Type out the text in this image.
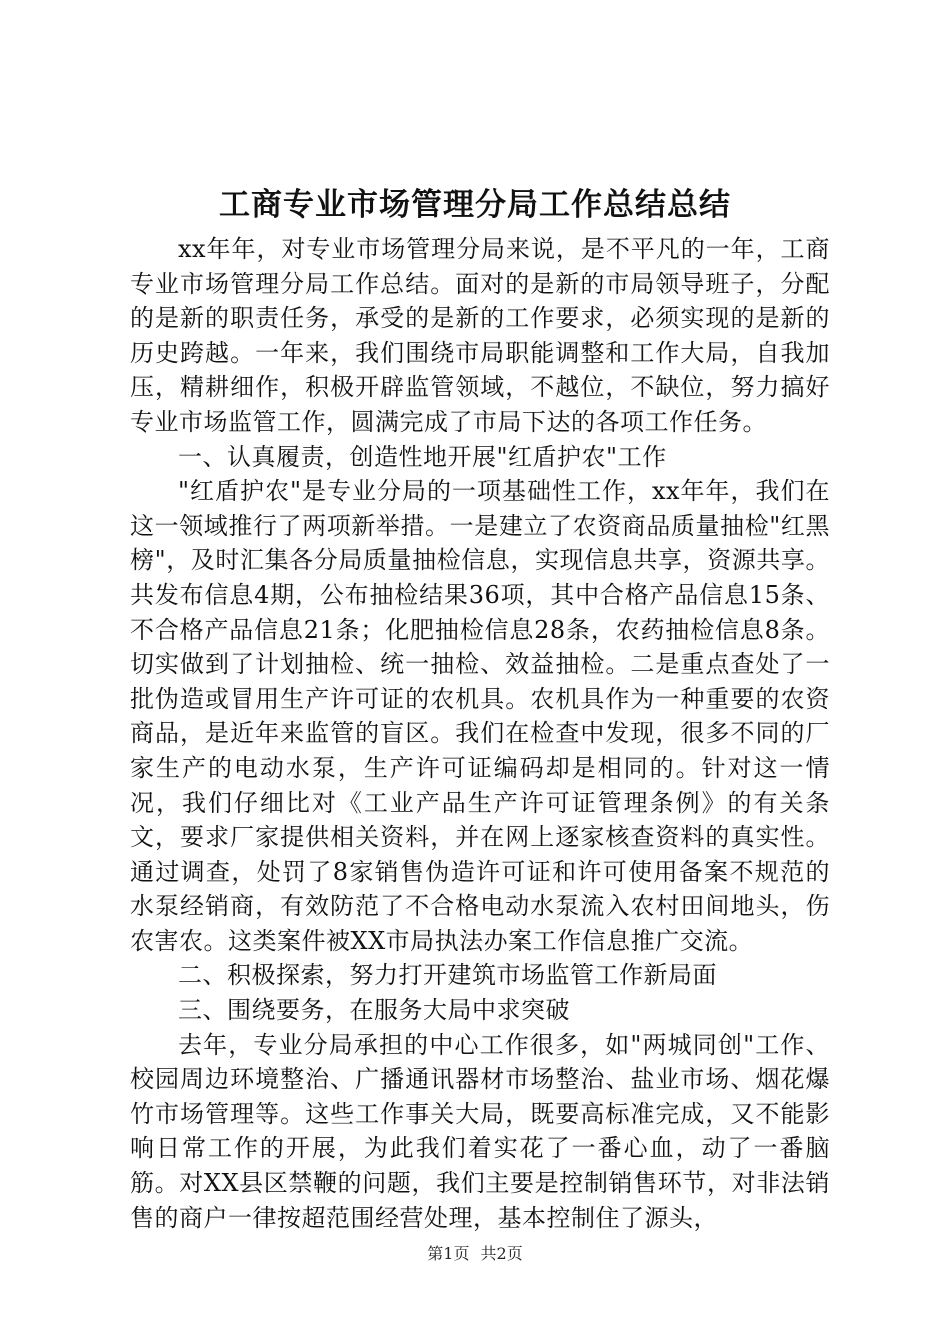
工商专业市场管理分局工作总结总结

xx年年，对专业市场管理分局来说，是不平凡的一年，工商专业市场管理分局工作总结。面对的是新的市局领导班子，分配的是新的职责任务，承受的是新的工作要求，必须实现的是新的历史跨越。一年来，我们围绕市局职能调整和工作大局，自我加压，精耕细作，积极开辟监管领域，不越位，不缺位，努力搞好专业市场监管工作，圆满完成了市局下达的各项工作任务。

一、认真履责，创造性地开展"红盾护农"工作

"红盾护农"是专业分局的一项基础性工作，xx年年，我们在这一领域推行了两项新举措。一是建立了农资商品质量抽检"红黑榜"，及时汇集各分局质量抽检信息，实现信息共享，资源共享。共发布信息4期，公布抽检结果36项，其中合格产品信息15条、不合格产品信息21条；化肥抽检信息28条，农药抽检信息8条。切实做到了计划抽检、统一抽检、效益抽检。二是重点查处了一批伪造或冒用生产许可证的农机具。农机具作为一种重要的农资商品，是近年来监管的盲区。我们在检查中发现，很多不同的厂家生产的电动水泵，生产许可证编码却是相同的。针对这一情况，我们仔细比对《工业产品生产许可证管理条例》的有关条文，要求厂家提供相关资料，并在网上逐家核查资料的真实性。通过调查，处罚了8家销售伪造许可证和许可使用备案不规范的水泵经销商，有效防范了不合格电动水泵流入农村田间地头，伤农害农。这类案件被XX市局执法办案工作信息推广交流。

二、积极探索，努力打开建筑市场监管工作新局面

三、围绕要务，在服务大局中求突破

去年，专业分局承担的中心工作很多，如"两城同创"工作、校园周边环境整治、广播通讯器材市场整治、盐业市场、烟花爆竹市场管理等。这些工作事关大局，既要高标准完成，又不能影响日常工作的开展，为此我们着实花了一番心血，动了一番脑筋。对XX县区禁鞭的问题，我们主要是控制销售环节，对非法销售的商户一律按超范围经营处理，基本控制住了源头，

第1页 共2页
